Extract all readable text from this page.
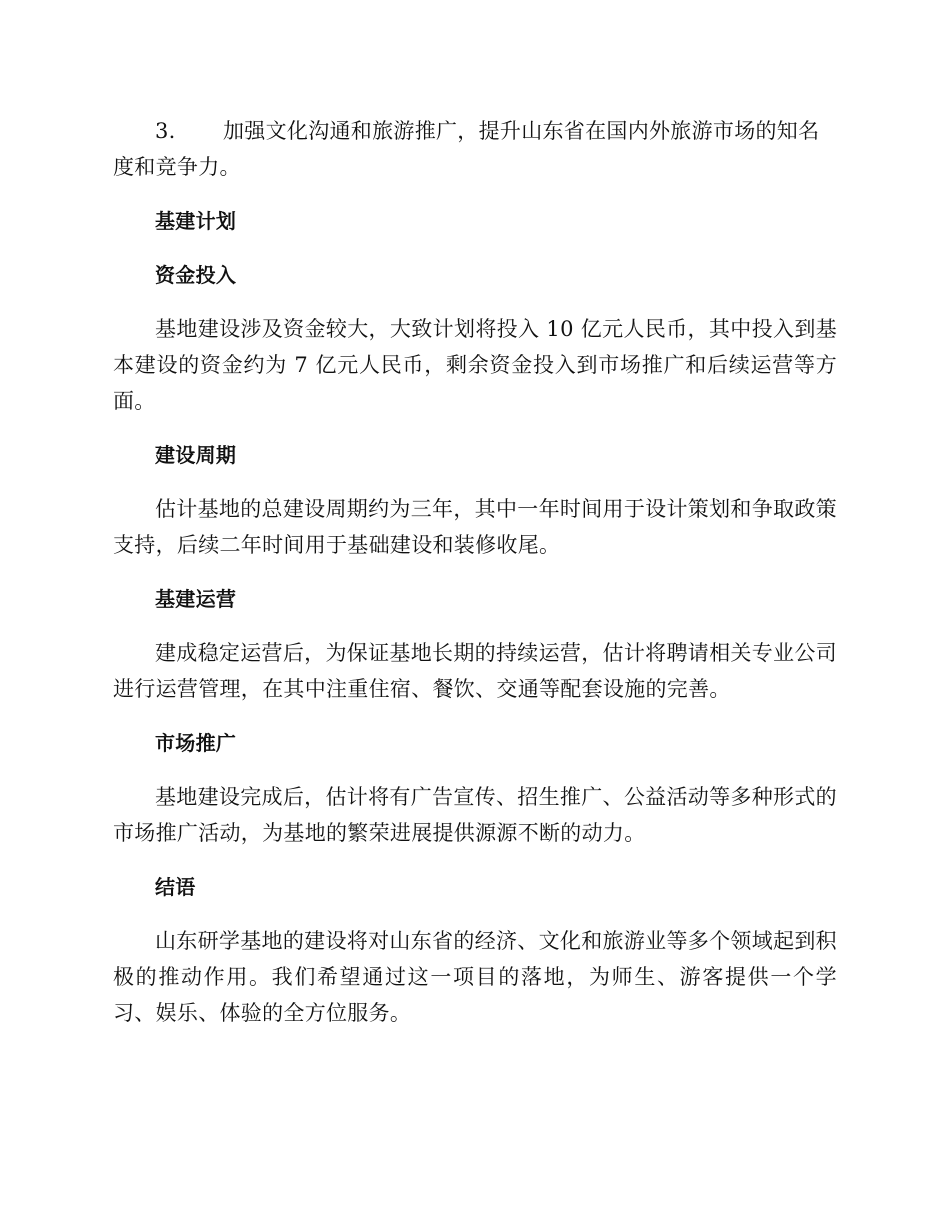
3. 加强文化沟通和旅游推广，提升山东省在国内外旅游市场的知名度和竞争力。

基建计划
资金投入

基地建设涉及资金较大，大致计划将投入 10 亿元人民币，其中投入到基本建设的资金约为 7 亿元人民币，剩余资金投入到市场推广和后续运营等方面。

建设周期

估计基地的总建设周期约为三年，其中一年时间用于设计策划和争取政策支持，后续二年时间用于基础建设和装修收尾。

基建运营

建成稳定运营后，为保证基地长期的持续运营，估计将聘请相关专业公司进行运营管理，在其中注重住宿、餐饮、交通等配套设施的完善。

市场推广

基地建设完成后，估计将有广告宣传、招生推广、公益活动等多种形式的市场推广活动，为基地的繁荣进展提供源源不断的动力。

结语

山东研学基地的建设将对山东省的经济、文化和旅游业等多个领域起到积极的推动作用。我们希望通过这一项目的落地，为师生、游客提供一个学习、娱乐、体验的全方位服务。
